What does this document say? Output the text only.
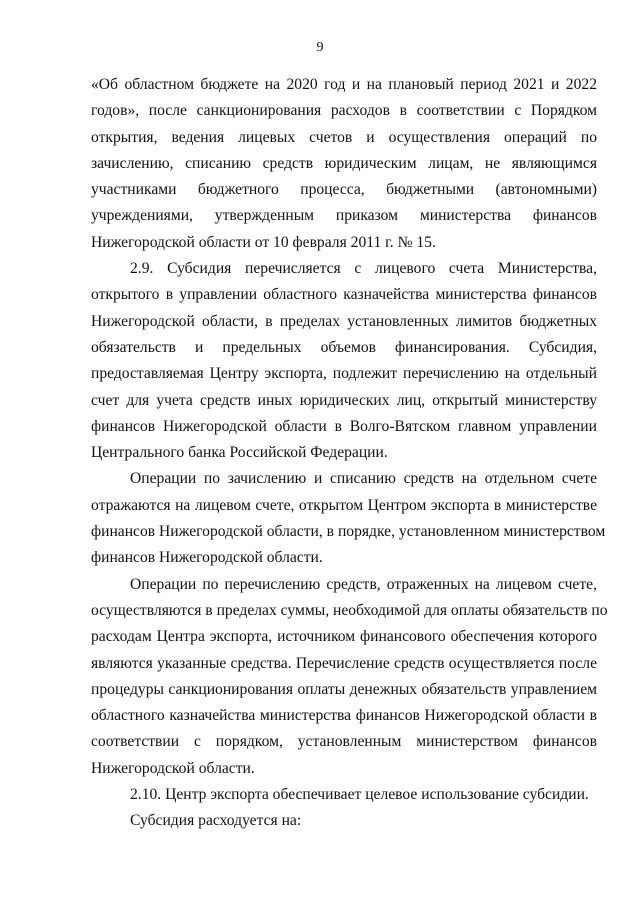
9
«Об областном бюджете на 2020 год и на плановый период 2021 и 2022
годов», после санкционирования расходов в соответствии с Порядком
открытия, ведения лицевых счетов и осуществления операций по
зачислению, списанию средств юридическим лицам, не являющимся
участниками бюджетного процесса, бюджетными (автономными)
учреждениями, утвержденным приказом министерства финансов
Нижегородской области от 10 февраля 2011 г. № 15.
2.9. Субсидия перечисляется с лицевого счета Министерства,
открытого в управлении областного казначейства министерства финансов
Нижегородской области, в пределах установленных лимитов бюджетных
обязательств и предельных объемов финансирования. Субсидия,
предоставляемая Центру экспорта, подлежит перечислению на отдельный
счет для учета средств иных юридических лиц, открытый министерству
финансов Нижегородской области в Волго-Вятском главном управлении
Центрального банка Российской Федерации.
Операции по зачислению и списанию средств на отдельном счете
отражаются на лицевом счете, открытом Центром экспорта в министерстве
финансов Нижегородской области, в порядке, установленном министерством
финансов Нижегородской области.
Операции по перечислению средств, отраженных на лицевом счете,
осуществляются в пределах суммы, необходимой для оплаты обязательств по
расходам Центра экспорта, источником финансового обеспечения которого
являются указанные средства. Перечисление средств осуществляется после
процедуры санкционирования оплаты денежных обязательств управлением
областного казначейства министерства финансов Нижегородской области в
соответствии с порядком, установленным министерством финансов
Нижегородской области.
2.10. Центр экспорта обеспечивает целевое использование субсидии.
Субсидия расходуется на:
